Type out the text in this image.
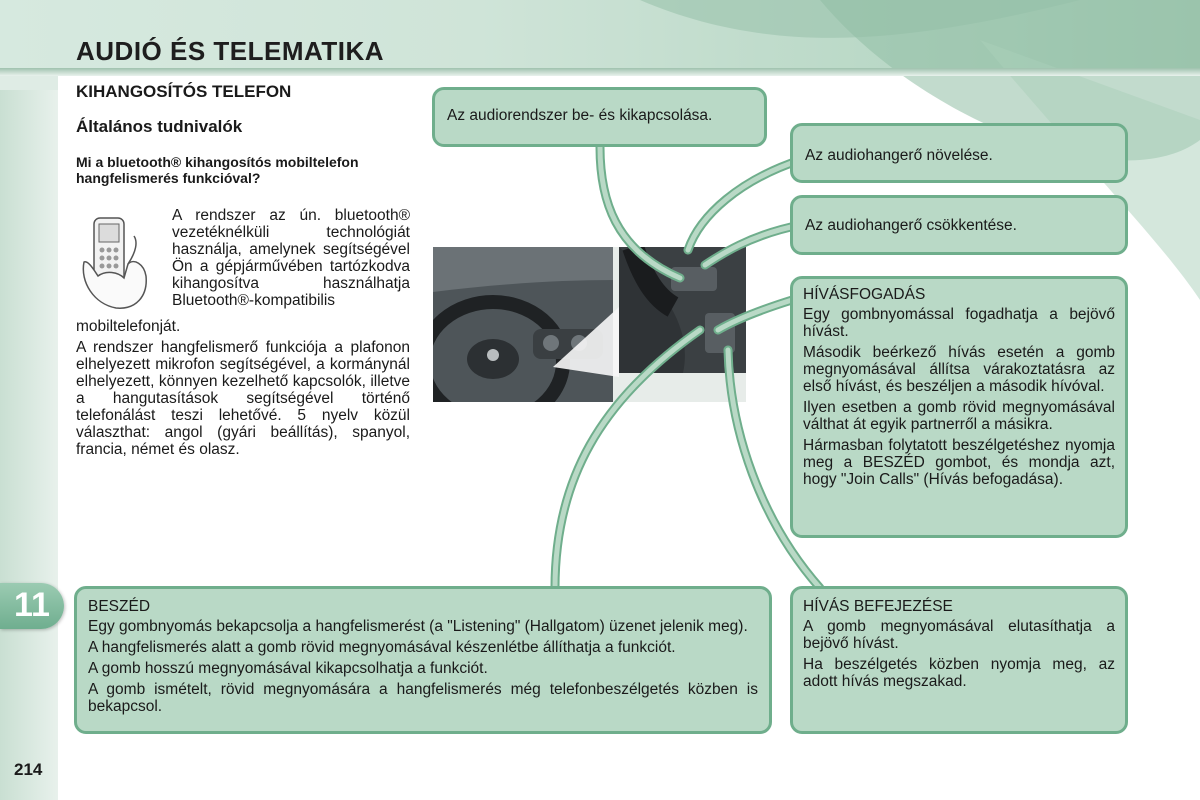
AUDIÓ ÉS TELEMATIKA
11
214
KIHANGOSÍTÓS TELEFON
Általános tudnivalók
Mi a bluetooth® kihangosítós mobiltelefon hangfelismerés funkcióval?
A rendszer az ún. bluetooth® vezetéknélküli technológiát használja, amelynek segítségével Ön a gépjárművében tartózkodva kihangosítva használhatja Bluetooth®-kompatibilis
mobiltelefonját.
A rendszer hangfelismerő funkciója a plafonon elhelyezett mikrofon segítségével, a kormánynál elhelyezett, könnyen kezelhető kapcsolók, illetve a hangutasítások segítségével történő telefonálást teszi lehetővé. 5 nyelv közül választhat: angol (gyári beállítás), spanyol, francia, német és olasz.

Az audiorendszer be- és kikapcsolása.

Az audiohangerő növelése.

Az audiohangerő csökkentése.

HÍVÁSFOGADÁS

Egy gombnyomással fogadhatja a bejövő hívást.

Második beérkező hívás esetén a gomb megnyomásával állítsa várakoztatásra az első hívást, és beszéljen a második hívóval.

Ilyen esetben a gomb rövid megnyomásával válthat át egyik partnerről a másikra.

Hármasban folytatott beszélgetéshez nyomja meg a BESZÉD gombot, és mondja azt, hogy "Join Calls" (Hívás befogadása).

BESZÉD

Egy gombnyomás bekapcsolja a hangfelismerést (a "Listening" (Hallgatom) üzenet jelenik meg).

A hangfelismerés alatt a gomb rövid megnyomásával készenlétbe állíthatja a funkciót.

A gomb hosszú megnyomásával kikapcsolhatja a funkciót.

A gomb ismételt, rövid megnyomására a hangfelismerés még telefonbeszélgetés közben is bekapcsol.

HÍVÁS BEFEJEZÉSE

A gomb megnyomásával elutasíthatja a bejövő hívást.

Ha beszélgetés közben nyomja meg, az adott hívás megszakad.
